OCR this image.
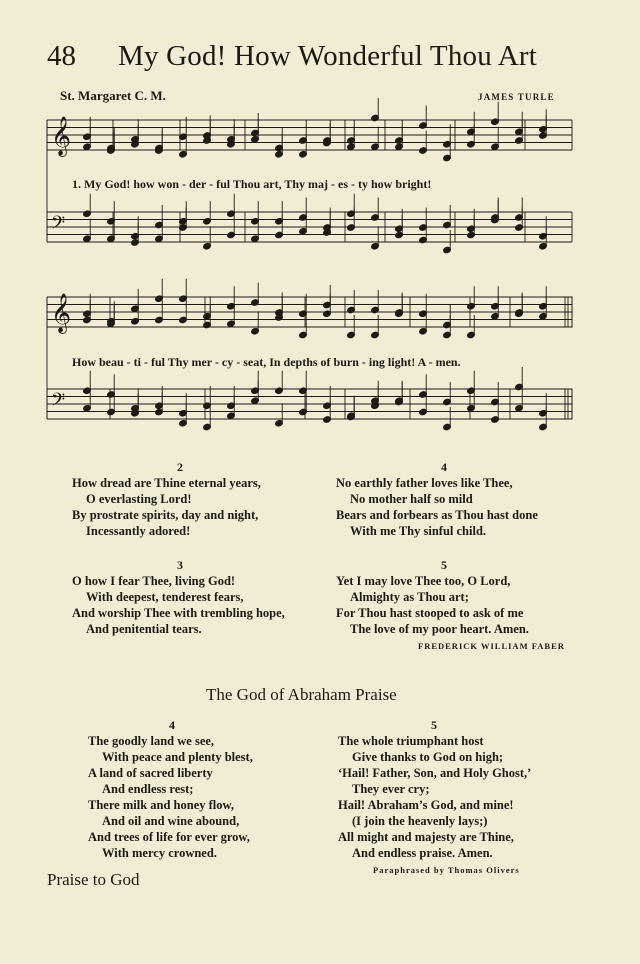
48 My God! How Wonderful Thou Art
St. Margaret C. M.	JAMES TURLE
𝄞
𝄢
𝄞
𝄢
1. My God! how won - der - ful Thou art, Thy maj - es - ty how bright!
How beau - ti - ful Thy mer - cy - seat, In depths of burn - ing light! A - men.
2
How dread are Thine eternal years,
O everlasting Lord!
By prostrate spirits, day and night,
Incessantly adored!
4
No earthly father loves like Thee,
No mother half so mild
Bears and forbears as Thou hast done
With me Thy sinful child.
3
O how I fear Thee, living God!
With deepest, tenderest fears,
And worship Thee with trembling hope,
And penitential tears.
5
Yet I may love Thee too, O Lord,
Almighty as Thou art;
For Thou hast stooped to ask of me
The love of my poor heart. Amen.
FREDERICK WILLIAM FABER
The God of Abraham Praise
4
The goodly land we see,
With peace and plenty blest,
A land of sacred liberty
And endless rest;
There milk and honey flow,
And oil and wine abound,
And trees of life for ever grow,
With mercy crowned.
5
The whole triumphant host
Give thanks to God on high;
‘Hail! Father, Son, and Holy Ghost,’
They ever cry;
Hail! Abraham’s God, and mine!
(I join the heavenly lays;)
All might and majesty are Thine,
And endless praise. Amen.
Paraphrased by Thomas Olivers
Praise to God
